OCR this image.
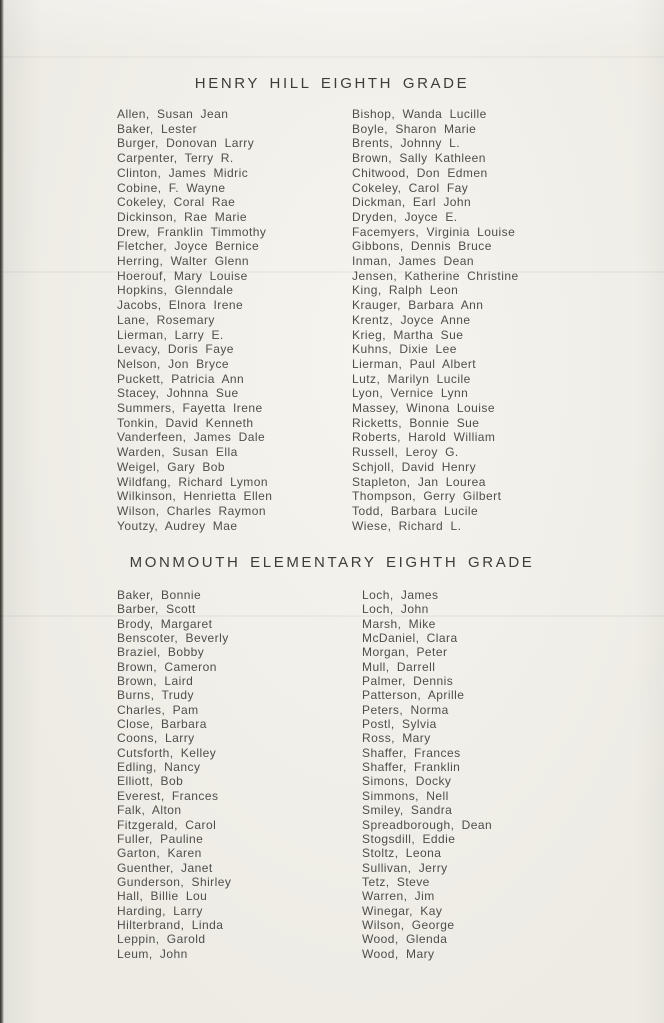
HENRY HILL EIGHTH GRADE
Allen, Susan Jean
Baker, Lester
Burger, Donovan Larry
Carpenter, Terry R.
Clinton, James Midric
Cobine, F. Wayne
Cokeley, Coral Rae
Dickinson, Rae Marie
Drew, Franklin Timmothy
Fletcher, Joyce Bernice
Herring, Walter Glenn
Hoerouf, Mary Louise
Hopkins, Glenndale
Jacobs, Elnora Irene
Lane, Rosemary
Lierman, Larry E.
Levacy, Doris Faye
Nelson, Jon Bryce
Puckett, Patricia Ann
Stacey, Johnna Sue
Summers, Fayetta Irene
Tonkin, David Kenneth
Vanderfeen, James Dale
Warden, Susan Ella
Weigel, Gary Bob
Wildfang, Richard Lymon
Wilkinson, Henrietta Ellen
Wilson, Charles Raymon
Youtzy, Audrey Mae
Bishop, Wanda Lucille
Boyle, Sharon Marie
Brents, Johnny L.
Brown, Sally Kathleen
Chitwood, Don Edmen
Cokeley, Carol Fay
Dickman, Earl John
Dryden, Joyce E.
Facemyers, Virginia Louise
Gibbons, Dennis Bruce
Inman, James Dean
Jensen, Katherine Christine
King, Ralph Leon
Krauger, Barbara Ann
Krentz, Joyce Anne
Krieg, Martha Sue
Kuhns, Dixie Lee
Lierman, Paul Albert
Lutz, Marilyn Lucile
Lyon, Vernice Lynn
Massey, Winona Louise
Ricketts, Bonnie Sue
Roberts, Harold William
Russell, Leroy G.
Schjoll, David Henry
Stapleton, Jan Lourea
Thompson, Gerry Gilbert
Todd, Barbara Lucile
Wiese, Richard L.
MONMOUTH ELEMENTARY EIGHTH GRADE
Baker, Bonnie
Barber, Scott
Brody, Margaret
Benscoter, Beverly
Braziel, Bobby
Brown, Cameron
Brown, Laird
Burns, Trudy
Charles, Pam
Close, Barbara
Coons, Larry
Cutsforth, Kelley
Edling, Nancy
Elliott, Bob
Everest, Frances
Falk, Alton
Fitzgerald, Carol
Fuller, Pauline
Garton, Karen
Guenther, Janet
Gunderson, Shirley
Hall, Billie Lou
Harding, Larry
Hilterbrand, Linda
Leppin, Garold
Leum, John
Loch, James
Loch, John
Marsh, Mike
McDaniel, Clara
Morgan, Peter
Mull, Darrell
Palmer, Dennis
Patterson, Aprille
Peters, Norma
Postl, Sylvia
Ross, Mary
Shaffer, Frances
Shaffer, Franklin
Simons, Docky
Simmons, Nell
Smiley, Sandra
Spreadborough, Dean
Stogsdill, Eddie
Stoltz, Leona
Sullivan, Jerry
Tetz, Steve
Warren, Jim
Winegar, Kay
Wilson, George
Wood, Glenda
Wood, Mary
